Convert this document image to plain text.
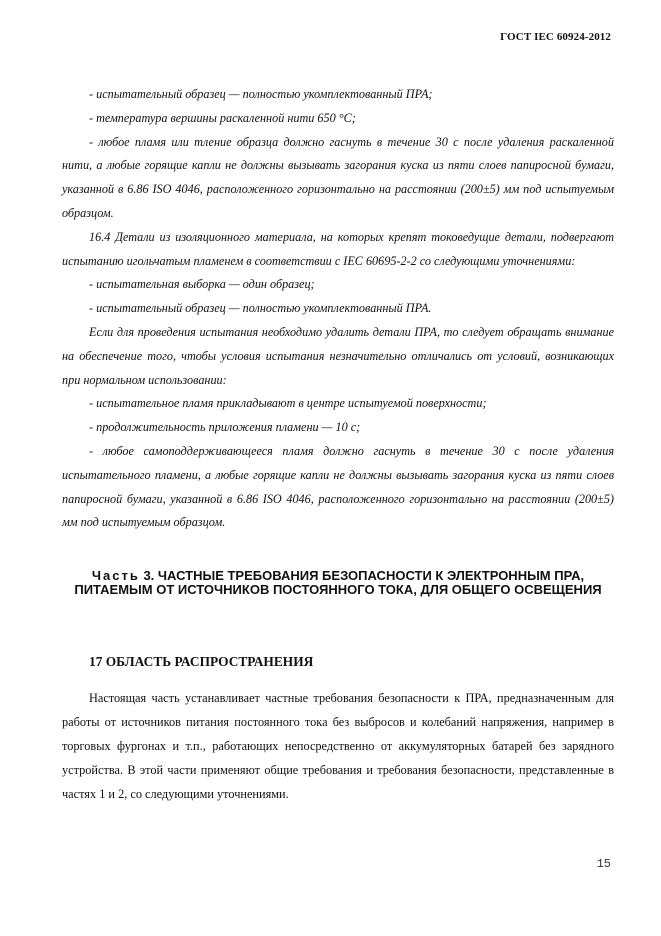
ГОСТ IEC 60924-2012

- испытательный образец — полностью укомплектованный ПРА;

- температура вершины раскаленной нити 650 °С;

- любое пламя или тление образца должно гаснуть в течение 30 с после удаления раскаленной нити, а любые горящие капли не должны вызывать загорания куска из пяти слоев папиросной бумаги, указанной в 6.86 ISO 4046, расположенного горизонтально на расстоянии (200±5) мм под испытуемым образцом.

16.4 Детали из изоляционного материала, на которых крепят токоведущие детали, подвергают испытанию игольчатым пламенем в соответствии с IEC 60695-2-2 со следующими уточнениями:

- испытательная выборка — один образец;

- испытательный образец — полностью укомплектованный ПРА.

Если для проведения испытания необходимо удалить детали ПРА, то следует обращать внимание на обеспечение того, чтобы условия испытания незначительно отличались от условий, возникающих при нормальном использовании:

- испытательное пламя прикладывают в центре испытуемой поверхности;

- продолжительность приложения пламени — 10 с;

- любое самоподдерживающееся пламя должно гаснуть в течение 30 с после удаления испытательного пламени, а любые горящие капли не должны вызывать загорания куска из пяти слоев папиросной бумаги, указанной в 6.86 ISO 4046, расположенного горизонтально на расстоянии (200±5) мм под испытуемым образцом.

Часть 3. ЧАСТНЫЕ ТРЕБОВАНИЯ БЕЗОПАСНОСТИ К ЭЛЕКТРОННЫМ ПРА, ПИТАЕМЫМ ОТ ИСТОЧНИКОВ ПОСТОЯННОГО ТОКА, ДЛЯ ОБЩЕГО ОСВЕЩЕНИЯ
17 ОБЛАСТЬ РАСПРОСТРАНЕНИЯ

Настоящая часть устанавливает частные требования безопасности к ПРА, предназначенным для работы от источников питания постоянного тока без выбросов и колебаний напряжения, например в торговых фургонах и т.п., работающих непосредственно от аккумуляторных батарей без зарядного устройства. В этой части применяют общие требования и требования безопасности, представленные в частях 1 и 2, со следующими уточнениями.

15
